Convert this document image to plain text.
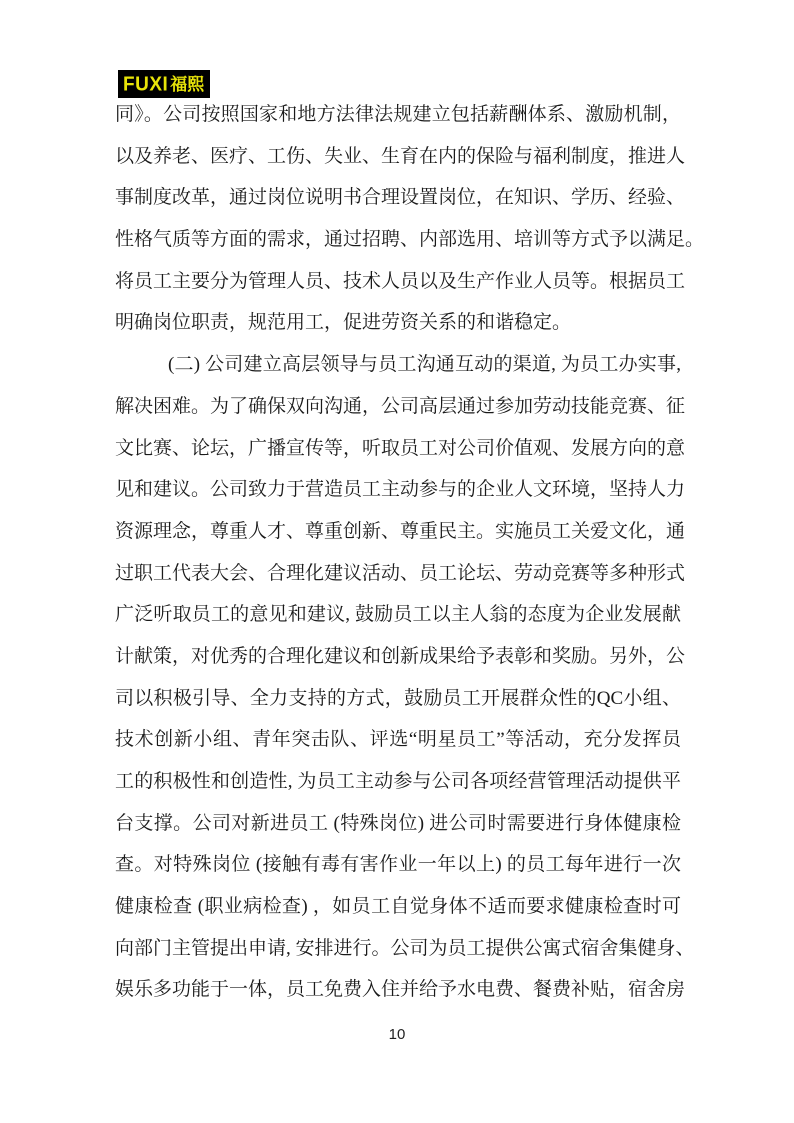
FUXI 福熙
同》。公司按照国家和地方法律法规建立包括薪酬体系、激励机制，
以及养老、医疗、工伤、失业、生育在内的保险与福利制度，推进人
事制度改革，通过岗位说明书合理设置岗位，在知识、学历、经验、
性格气质等方面的需求，通过招聘、内部选用、培训等方式予以满足。
将员工主要分为管理人员、技术人员以及生产作业人员等。根据员工
明确岗位职责，规范用工，促进劳资关系的和谐稳定。
(二) 公司建立高层领导与员工沟通互动的渠道, 为员工办实事,
解决困难。为了确保双向沟通，公司高层通过参加劳动技能竞赛、征
文比赛、论坛，广播宣传等，听取员工对公司价值观、发展方向的意
见和建议。公司致力于营造员工主动参与的企业人文环境，坚持人力
资源理念，尊重人才、尊重创新、尊重民主。实施员工关爱文化，通
过职工代表大会、合理化建议活动、员工论坛、劳动竞赛等多种形式
广泛听取员工的意见和建议, 鼓励员工以主人翁的态度为企业发展献
计献策，对优秀的合理化建议和创新成果给予表彰和奖励。另外，公
司以积极引导、全力支持的方式，鼓励员工开展群众性的QC小组、
技术创新小组、青年突击队、评选“明星员工”等活动，充分发挥员
工的积极性和创造性, 为员工主动参与公司各项经营管理活动提供平
台支撑。公司对新进员工 (特殊岗位) 进公司时需要进行身体健康检
查。对特殊岗位 (接触有毒有害作业一年以上) 的员工每年进行一次
健康检查 (职业病检查) ，如员工自觉身体不适而要求健康检查时可
向部门主管提出申请, 安排进行。公司为员工提供公寓式宿舍集健身、
娱乐多功能于一体，员工免费入住并给予水电费、餐费补贴，宿舍房
10
